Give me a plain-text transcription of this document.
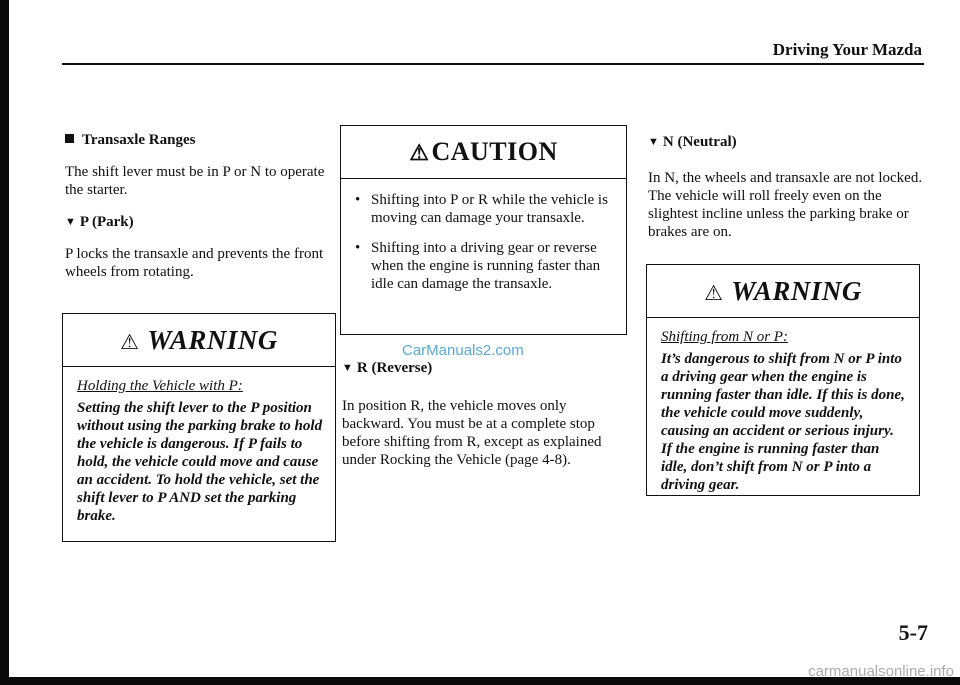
Driving Your Mazda

Transaxle Ranges

The shift lever must be in P or N to operate the starter.

▼ P (Park)

P locks the transaxle and prevents the front wheels from rotating.

⚠ WARNING

Holding the Vehicle with P:

Setting the shift lever to the P position without using the parking brake to hold the vehicle is dangerous. If P fails to hold, the vehicle could move and cause an accident. To hold the vehicle, set the shift lever to P AND set the parking brake.

⚠CAUTION
• Shifting into P or R while the vehicle is moving can damage your transaxle.
• Shifting into a driving gear or reverse when the engine is running faster than idle can damage the transaxle.
CarManuals2.com

▼ R (Reverse)

In position R, the vehicle moves only backward. You must be at a complete stop before shifting from R, except as explained under Rocking the Vehicle (page 4-8).

▼ N (Neutral)

In N, the wheels and transaxle are not locked. The vehicle will roll freely even on the slightest incline unless the parking brake or brakes are on.

⚠ WARNING

Shifting from N or P:

It’s dangerous to shift from N or P into a driving gear when the engine is running faster than idle. If this is done, the vehicle could move suddenly, causing an accident or serious injury. If the engine is running faster than idle, don’t shift from N or P into a driving gear.

5-7
carmanualsonline.info
